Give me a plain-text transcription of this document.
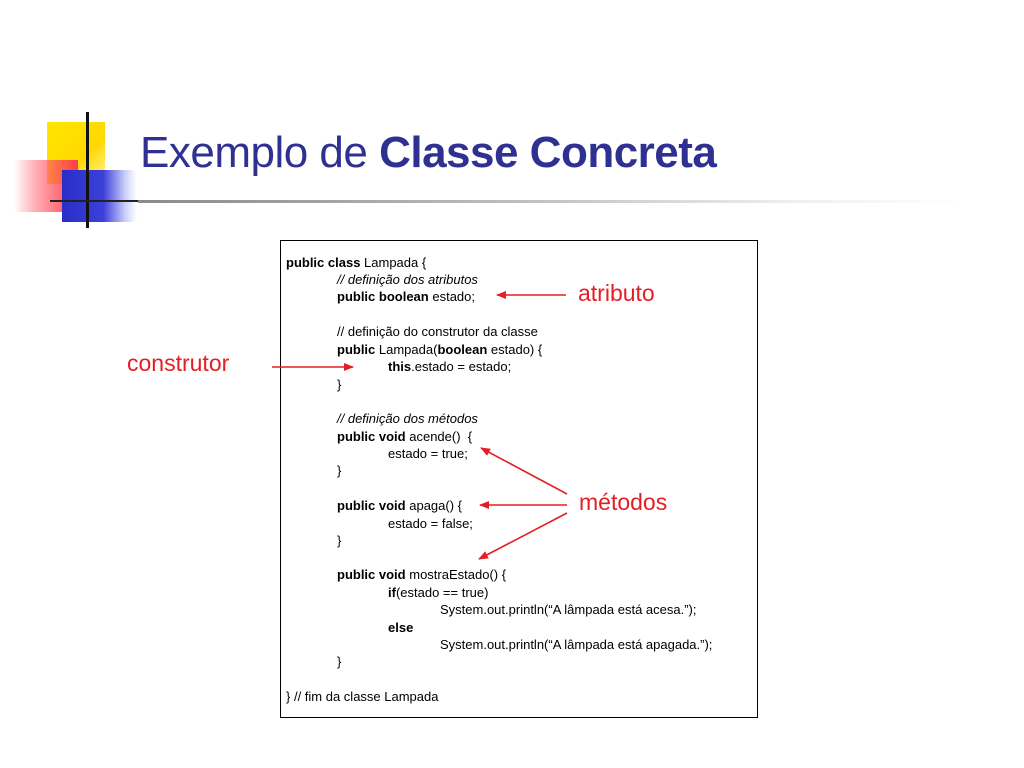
Exemplo de Classe Concreta
public class Lampada {
// definição dos atributos
public boolean estado;
// definição do construtor da classe
public Lampada(boolean estado) {
this.estado = estado;
}
// definição dos métodos
public void acende()  {
estado = true;
}
public void apaga() {
estado = false;
}
public void mostraEstado() {
if(estado == true)
System.out.println(“A lâmpada está acesa.”);
else
System.out.println(“A lâmpada está apagada.”);
}
} // fim da classe Lampada
atributo
construtor
métodos
